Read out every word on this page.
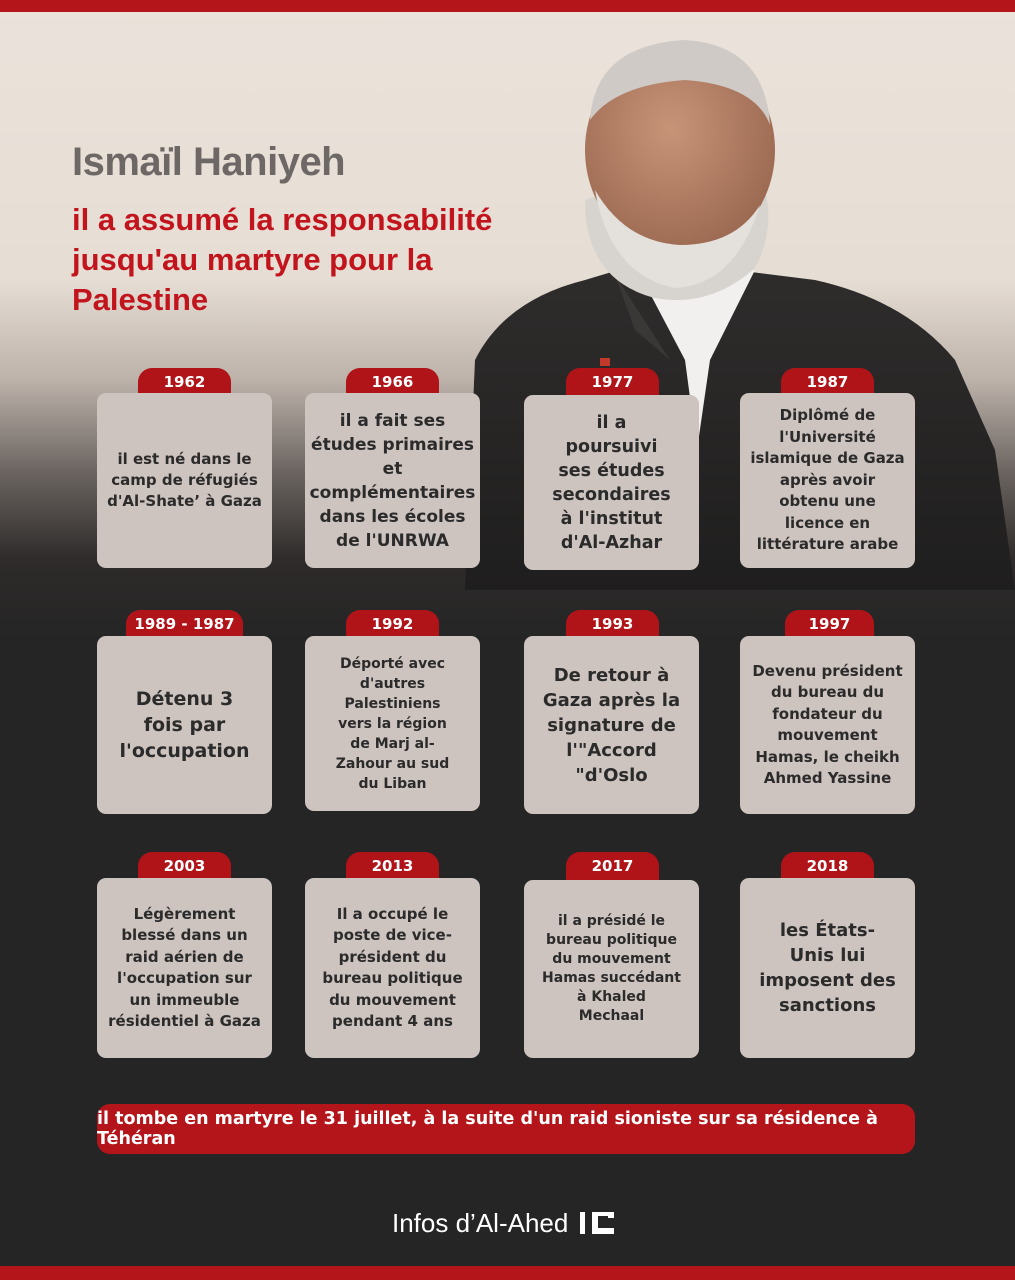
Ismaïl Haniyeh
il a assumé la responsabilité jusqu'au martyre pour la Palestine
1962
il est né dans le camp de réfugiés d'Al-Shate’ à Gaza
1966
il a fait ses études primaires et complémentaires dans les écoles de l'UNRWA
1977
il a poursuivi ses études secondaires à l'institut d'Al-Azhar
1987
Diplômé de l'Université islamique de Gaza après avoir obtenu une licence en littérature arabe
1989 - 1987
Détenu 3 fois par l'occupation
1992
Déporté avec d'autres Palestiniens vers la région de Marj al-Zahour au sud du Liban
1993
De retour à Gaza après la signature de l'"Accord "d'Oslo
1997
Devenu président du bureau du fondateur du mouvement Hamas, le cheikh Ahmed Yassine
2003
Légèrement blessé dans un raid aérien de l'occupation sur un immeuble résidentiel à Gaza
2013
Il a occupé le poste de vice-président du bureau politique du mouvement pendant 4 ans
2017
il a présidé le bureau politique du mouvement Hamas succédant à Khaled Mechaal
2018
les États-Unis lui imposent des sanctions
il tombe en martyre le 31 juillet, à la suite d'un raid sioniste sur sa résidence à Téhéran
Infos d’Al-Ahed
